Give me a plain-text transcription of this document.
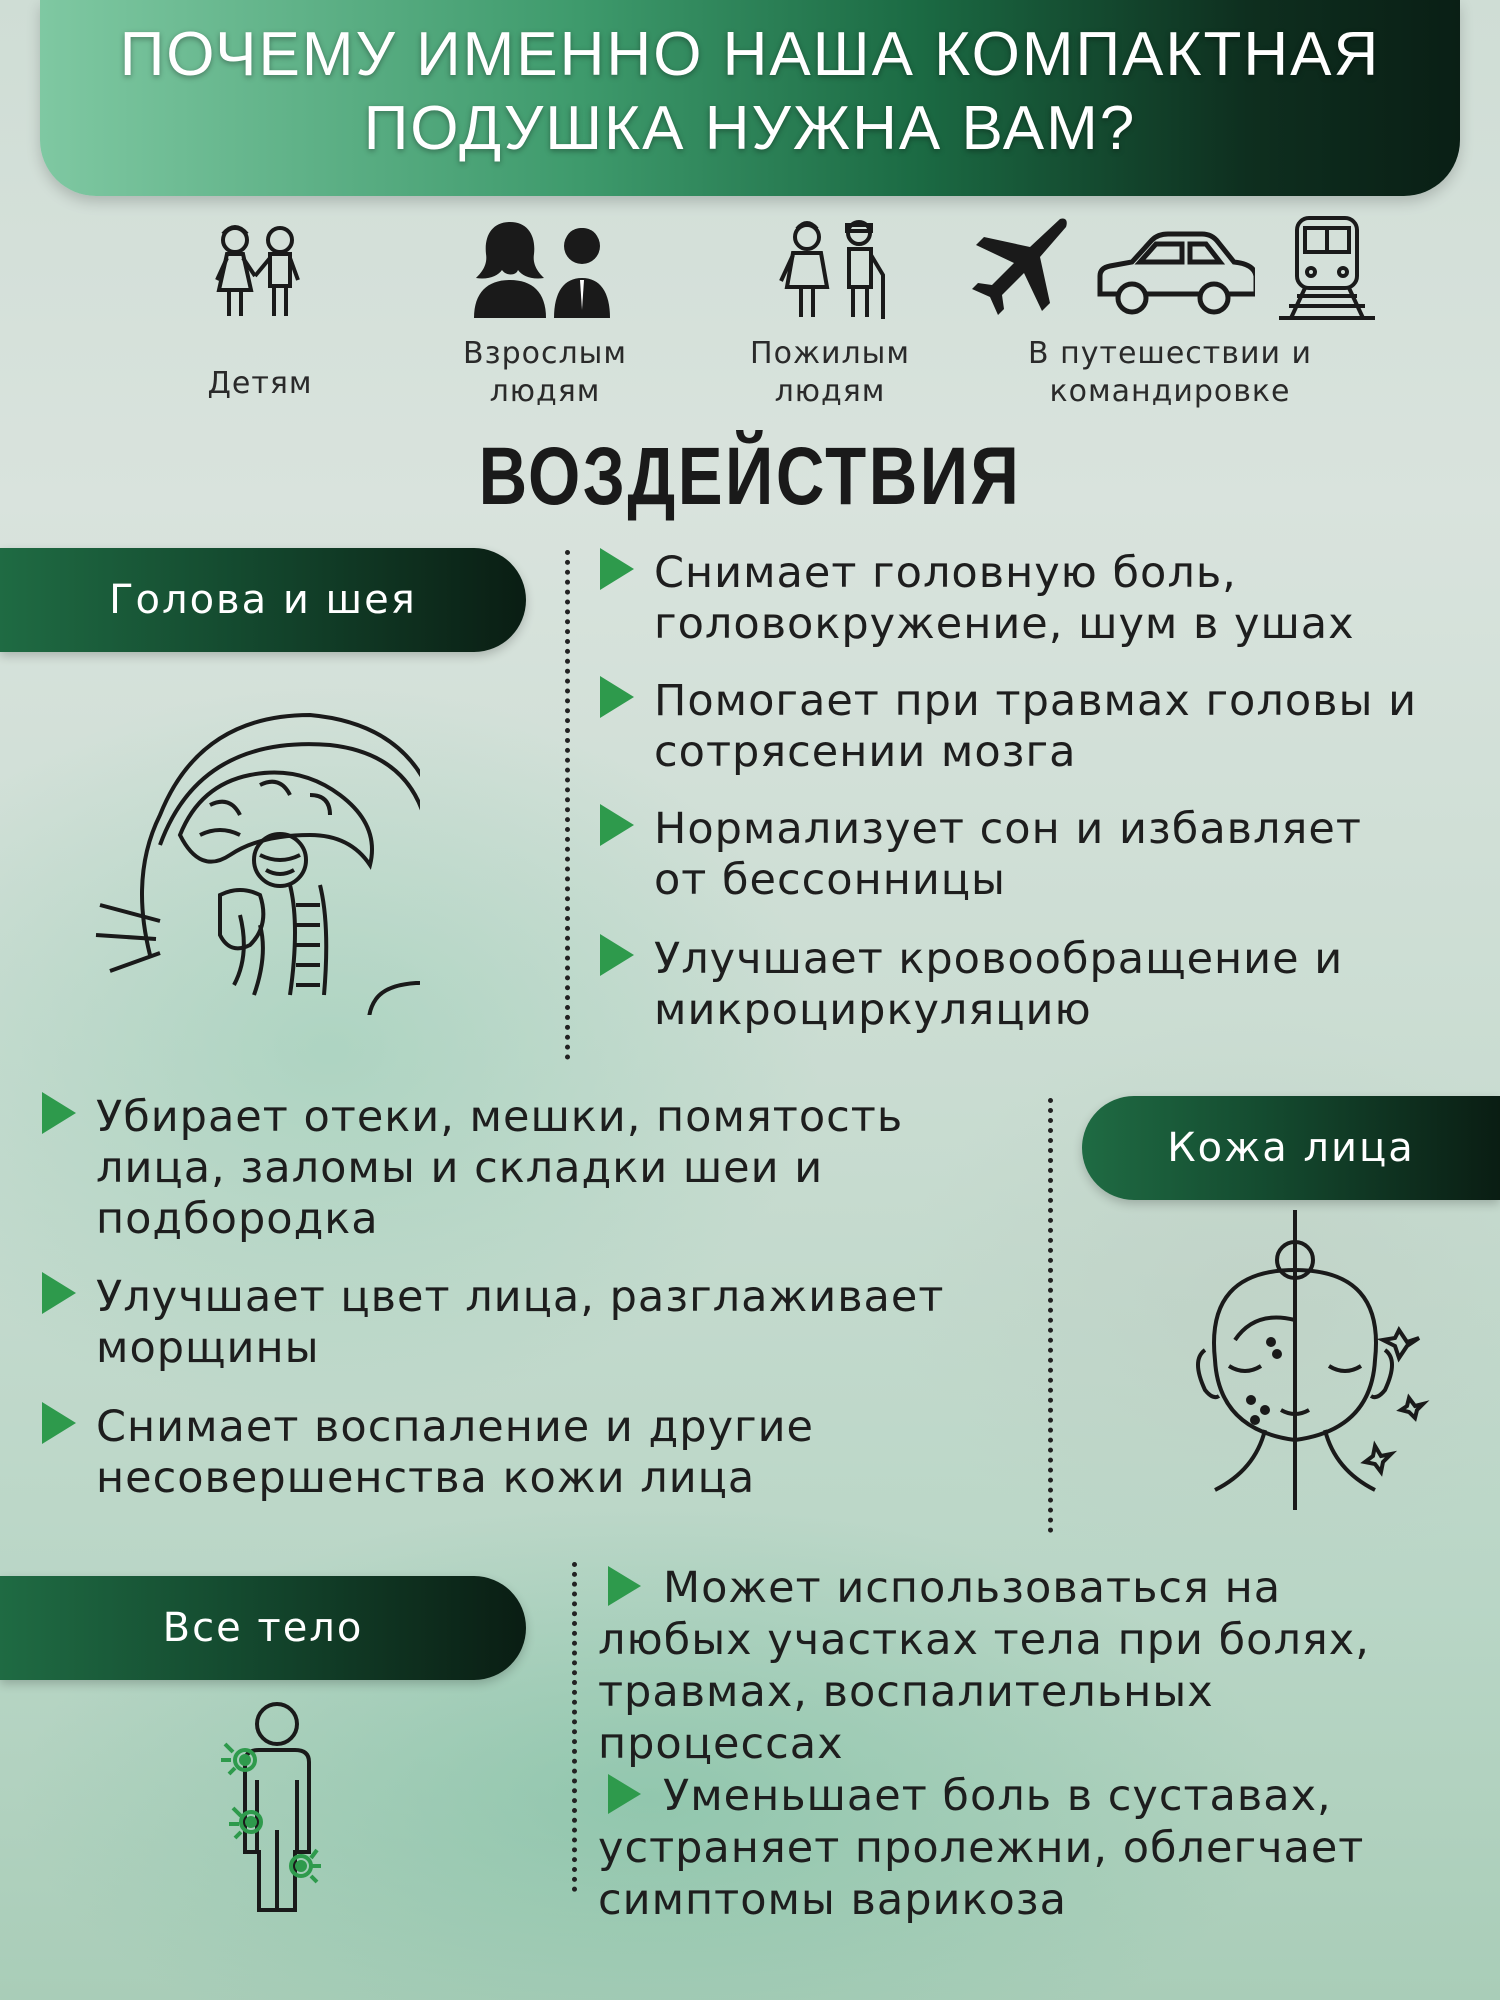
ПОЧЕМУ ИМЕННО НАША КОМПАКТНАЯ
ПОДУШКА НУЖНА ВАМ?
Детям
Взрослым
людям
Пожилым
людям
В путешествии и
командировке
ВОЗДЕЙСТВИЯ
Голова и шея
Снимает головную боль,
головокружение, шум в ушах
Помогает при травмах головы и
сотрясении мозга
Нормализует сон и избавляет
от бессонницы
Улучшает кровообращение и
микроциркуляцию
Кожа лица
Убирает отеки, мешки, помятость
лица, заломы и складки шеи и
подбородка
Улучшает цвет лица, разглаживает
морщины
Снимает воспаление и другие
несовершенства кожи лица
Все тело
Может использоваться на
любых участках тела при болях,
травмах, воспалительных
процессах
Уменьшает боль в суставах,
устраняет пролежни, облегчает
симптомы варикоза
